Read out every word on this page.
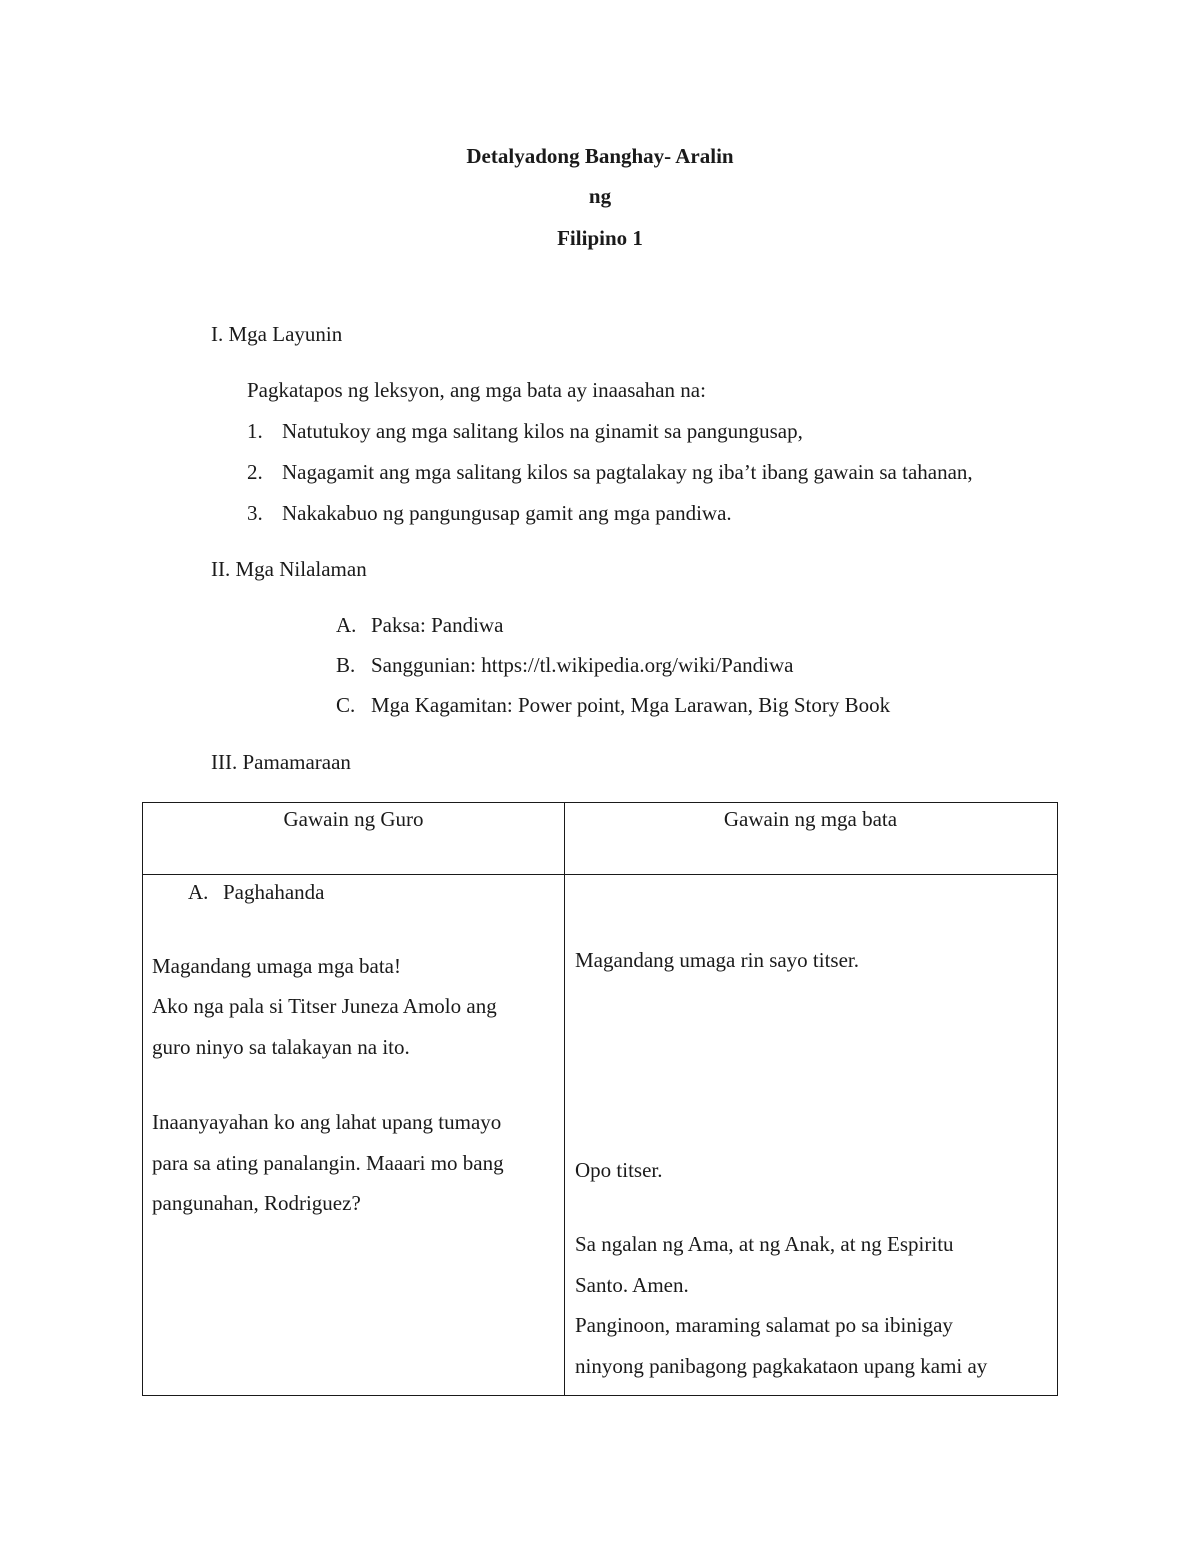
Detalyadong Banghay- Aralin
ng
Filipino 1
I. Mga Layunin
Pagkatapos ng leksyon, ang mga bata ay inaasahan na:
1. Natutukoy ang mga salitang kilos na ginamit sa pangungusap,
2. Nagagamit ang mga salitang kilos sa pagtalakay ng iba’t ibang gawain sa tahanan,
3. Nakakabuo ng pangungusap gamit ang mga pandiwa.
II. Mga Nilalaman
A. Paksa: Pandiwa
B. Sanggunian: https://tl.wikipedia.org/wiki/Pandiwa
C. Mga Kagamitan: Power point, Mga Larawan, Big Story Book
III. Pamamaraan
Gawain ng Guro	Gawain ng mga bata
A. Paghahanda
Magandang umaga mga bata!
Ako nga pala si Titser Juneza Amolo ang
guro ninyo sa talakayan na ito.
Inaanyayahan ko ang lahat upang tumayo
para sa ating panalangin. Maaari mo bang
pangunahan, Rodriguez?
Magandang umaga rin sayo titser.
Opo titser.
Sa ngalan ng Ama, at ng Anak, at ng Espiritu
Santo. Amen.
Panginoon, maraming salamat po sa ibinigay
ninyong panibagong pagkakataon upang kami ay
